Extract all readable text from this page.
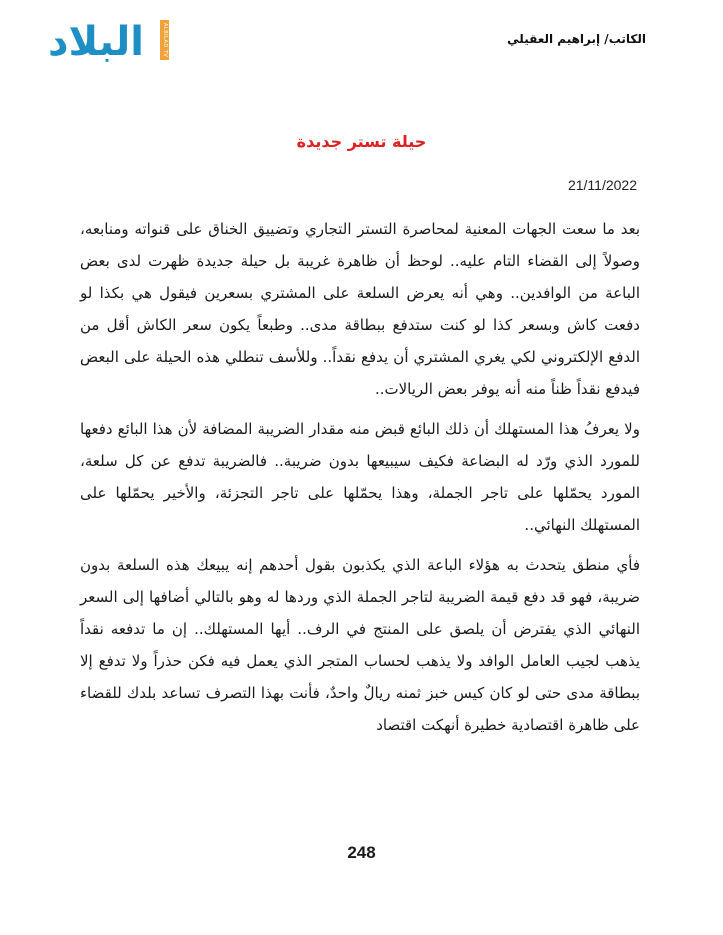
البلاد	ALBILAD TV	الكاتب/ إبراهيم العقيلي
حيلة تستر جديدة
21/11/2022

بعد ما سعت الجهات المعنية لمحاصرة التستر التجاري وتضييق الخناق على قنواته ومنابعه، وصولاً إلى القضاء التام عليه.. لوحظ أن ظاهرة غريبة بل حيلة جديدة ظهرت لدى بعض الباعة من الوافدين.. وهي أنه يعرض السلعة على المشتري بسعرين فيقول هي بكذا لو دفعت كاش وبسعر كذا لو كنت ستدفع ببطاقة مدى.. وطبعاً يكون سعر الكاش أقل من الدفع الإلكتروني لكي يغري المشتري أن يدفع نقداً.. وللأسف تنطلي هذه الحيلة على البعض فيدفع نقداً ظناً منه أنه يوفر بعض الريالات..

ولا يعرفُ هذا المستهلك أن ذلك البائع قبض منه مقدار الضريبة المضافة لأن هذا البائع دفعها للمورد الذي ورّد له البضاعة فكيف سيبيعها بدون ضريبة.. فالضريبة تدفع عن كل سلعة، المورد يحمّلها على تاجر الجملة، وهذا يحمّلها على تاجر التجزئة، والأخير يحمّلها على المستهلك النهائي..

فأي منطق يتحدث به هؤلاء الباعة الذي يكذبون بقول أحدهم إنه يبيعك هذه السلعة بدون ضريبة، فهو قد دفع قيمة الضريبة لتاجر الجملة الذي وردها له وهو بالتالي أضافها إلى السعر النهائي الذي يفترض أن يلصق على المنتج في الرف.. أيها المستهلك.. إن ما تدفعه نقداً يذهب لجيب العامل الوافد ولا يذهب لحساب المتجر الذي يعمل فيه فكن حذراً ولا تدفع إلا ببطاقة مدى حتى لو كان كيس خبز ثمنه ريالٌ واحدٌ، فأنت بهذا التصرف تساعد بلدك للقضاء على ظاهرة اقتصادية خطيرة أنهكت اقتصاد

248
